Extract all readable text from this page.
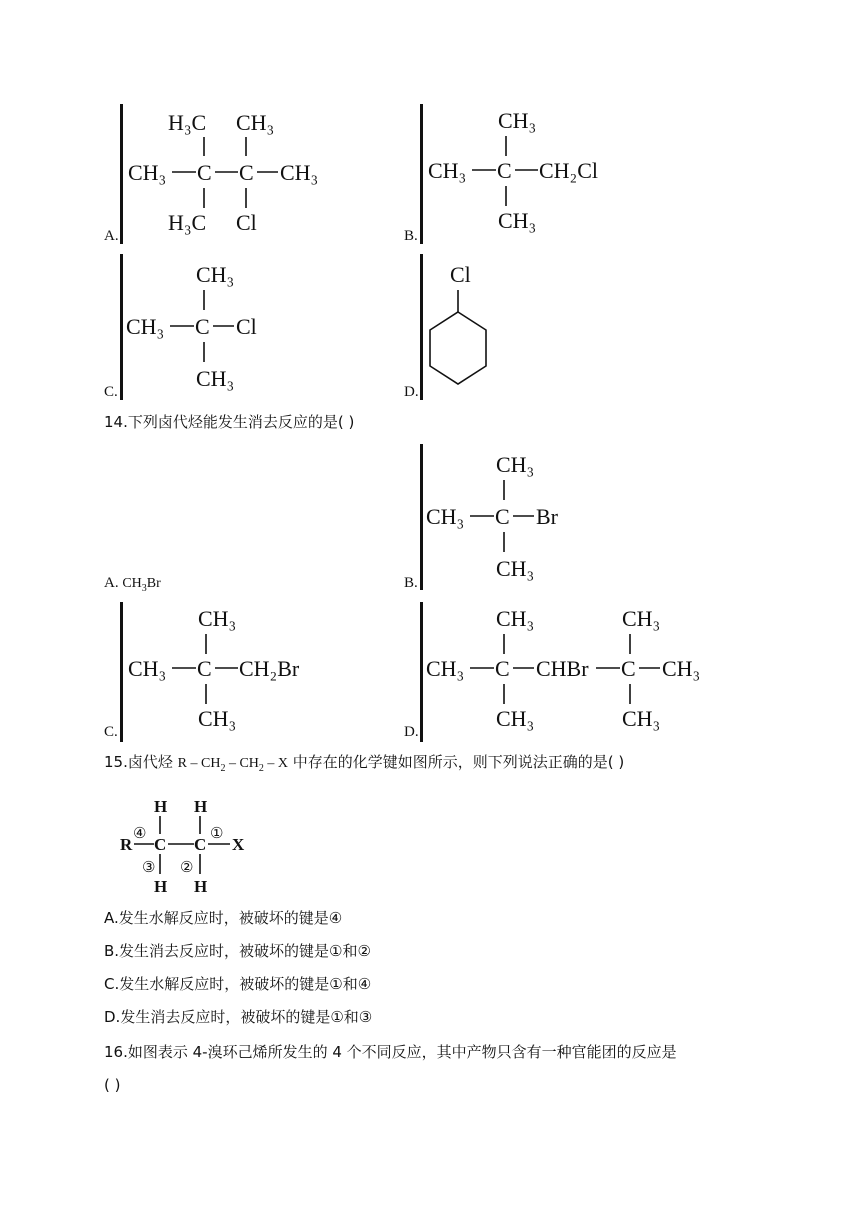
A.
H₃C CH₃
CH₃ C C CH₃
H₃C Cl
B.
CH₃
CH₃ C CH₂Cl
CH₃
C.
CH₃
CH₃ C Cl
CH₃
D.
Cl
14.下列卤代烃能发生消去反应的是( )
A. $CH_3Br$	B.
CH₃
CH₃ C Br
CH₃
C.
CH₃
CH₃ C CH₂Br
CH₃
D.
CH₃	CH₃
CH₃ C CHBr C CH₃
CH₃	CH₃
15.卤代烃 R – $CH_2 - CH_2$ – X 中存在的化学键如图所示，则下列说法正确的是( )
H H
R
④
C C
①
X
③ ②
H H
A.发生水解反应时，被破坏的键是④
B.发生消去反应时，被破坏的键是①和②
C.发生水解反应时，被破坏的键是①和④
D.发生消去反应时，被破坏的键是①和③
16.如图表示 4-溴环己烯所发生的 4 个不同反应，其中产物只含有一种官能团的反应是
( )
